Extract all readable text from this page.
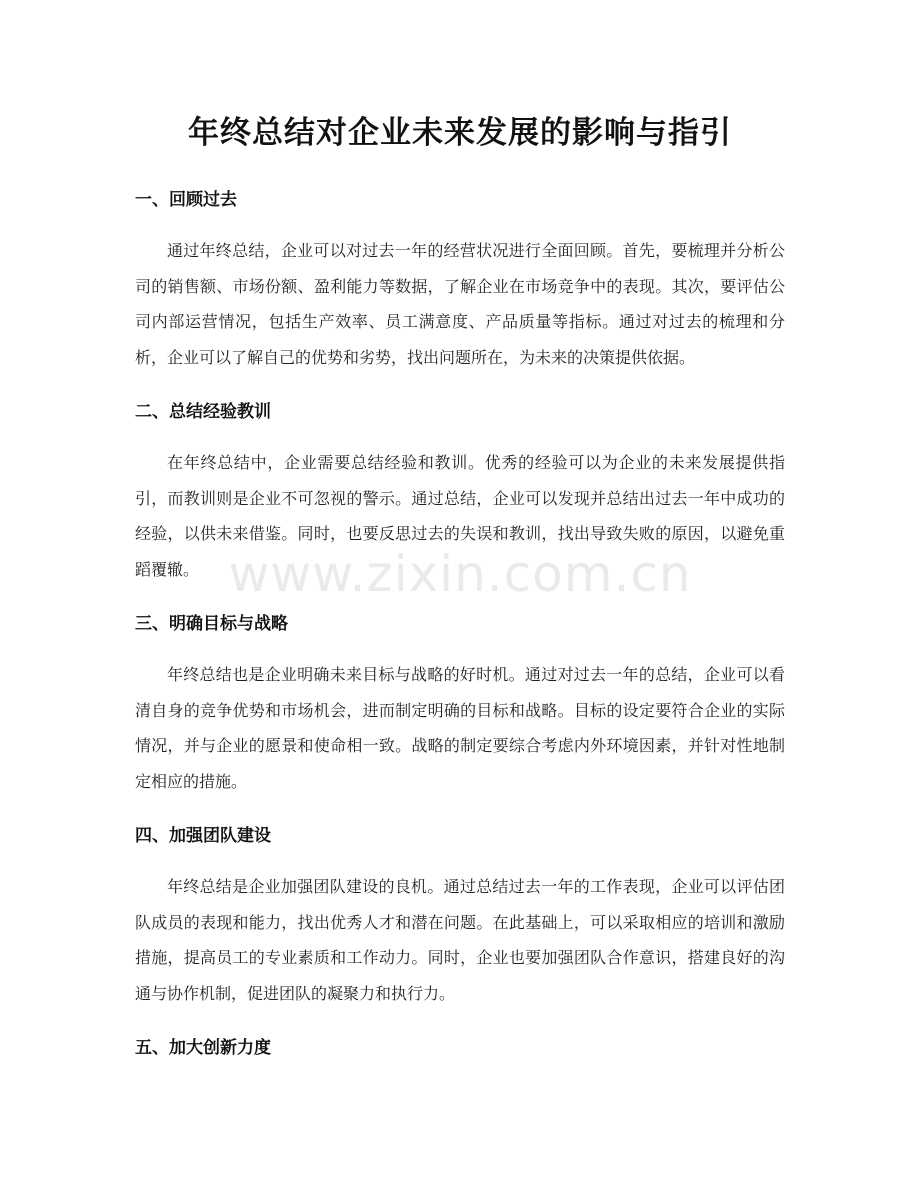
年终总结对企业未来发展的影响与指引
一、回顾过去

通过年终总结，企业可以对过去一年的经营状况进行全面回顾。首先，要梳理并分析公司的销售额、市场份额、盈利能力等数据，了解企业在市场竞争中的表现。其次，要评估公司内部运营情况，包括生产效率、员工满意度、产品质量等指标。通过对过去的梳理和分析，企业可以了解自己的优势和劣势，找出问题所在，为未来的决策提供依据。

二、总结经验教训

在年终总结中，企业需要总结经验和教训。优秀的经验可以为企业的未来发展提供指引，而教训则是企业不可忽视的警示。通过总结，企业可以发现并总结出过去一年中成功的经验，以供未来借鉴。同时，也要反思过去的失误和教训，找出导致失败的原因，以避免重蹈覆辙。

三、明确目标与战略

年终总结也是企业明确未来目标与战略的好时机。通过对过去一年的总结，企业可以看清自身的竞争优势和市场机会，进而制定明确的目标和战略。目标的设定要符合企业的实际情况，并与企业的愿景和使命相一致。战略的制定要综合考虑内外环境因素，并针对性地制定相应的措施。

四、加强团队建设

年终总结是企业加强团队建设的良机。通过总结过去一年的工作表现，企业可以评估团队成员的表现和能力，找出优秀人才和潜在问题。在此基础上，可以采取相应的培训和激励措施，提高员工的专业素质和工作动力。同时，企业也要加强团队合作意识，搭建良好的沟通与协作机制，促进团队的凝聚力和执行力。

五、加大创新力度
www.zixin.com.cn
